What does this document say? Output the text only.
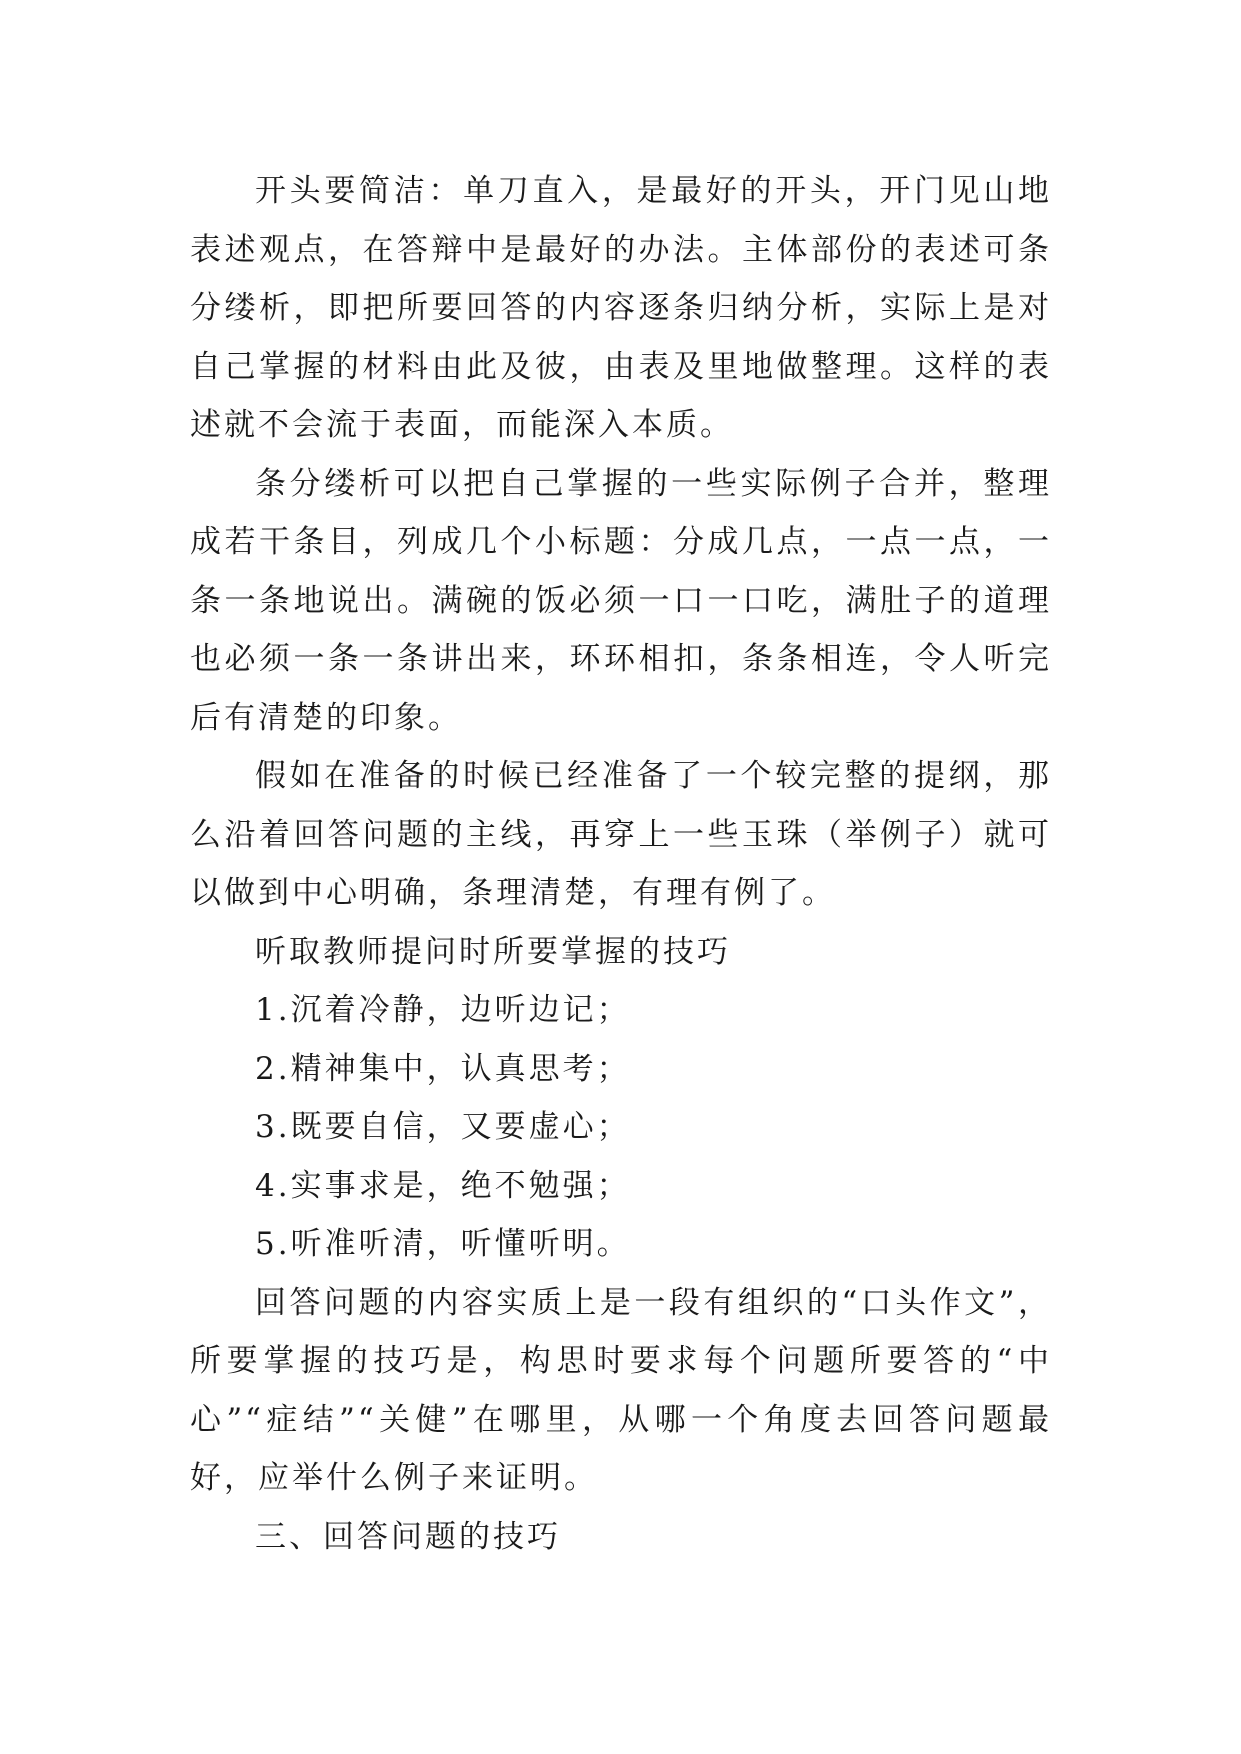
开头要简洁：单刀直入，是最好的开头，开门见山地表述观点，在答辩中是最好的办法。主体部份的表述可条分缕析，即把所要回答的内容逐条归纳分析，实际上是对自己掌握的材料由此及彼，由表及里地做整理。这样的表述就不会流于表面，而能深入本质。

条分缕析可以把自己掌握的一些实际例子合并，整理成若干条目，列成几个小标题：分成几点，一点一点，一条一条地说出。满碗的饭必须一口一口吃，满肚子的道理也必须一条一条讲出来，环环相扣，条条相连，令人听完后有清楚的印象。

假如在准备的时候已经准备了一个较完整的提纲，那么沿着回答问题的主线，再穿上一些玉珠（举例子）就可以做到中心明确，条理清楚，有理有例了。

听取教师提问时所要掌握的技巧

1.沉着冷静，边听边记；

2.精神集中，认真思考；

3.既要自信，又要虚心；

4.实事求是，绝不勉强；

5.听准听清，听懂听明。

回答问题的内容实质上是一段有组织的“口头作文”，所要掌握的技巧是，构思时要求每个问题所要答的“中心”“症结”“关健”在哪里，从哪一个角度去回答问题最好，应举什么例子来证明。

三、回答问题的技巧
